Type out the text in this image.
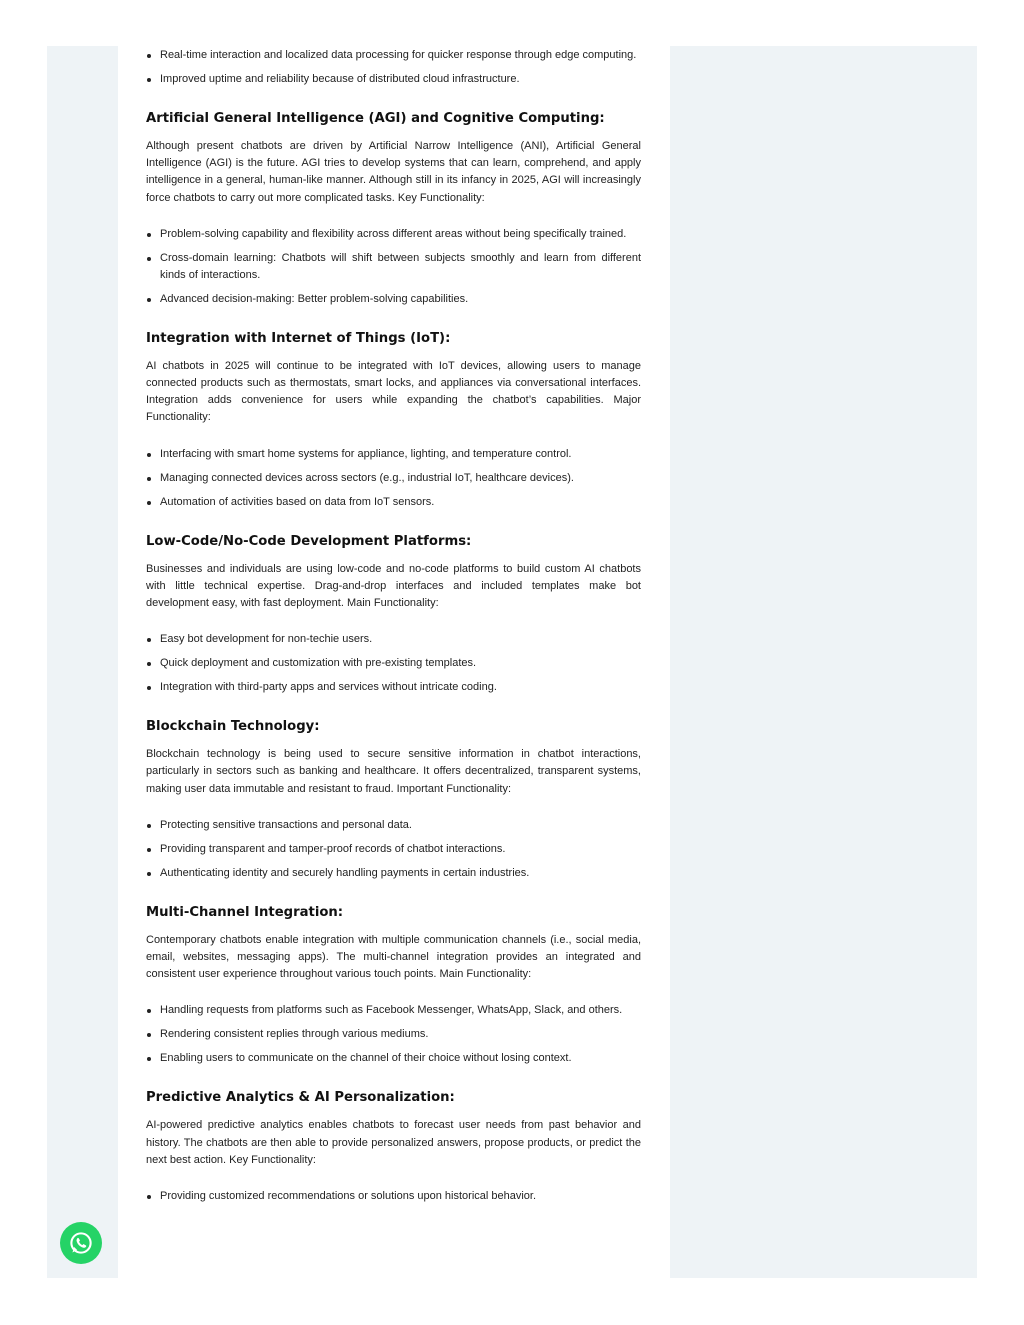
Real-time interaction and localized data processing for quicker response through edge computing.
Improved uptime and reliability because of distributed cloud infrastructure.
Artificial General Intelligence (AGI) and Cognitive Computing:

Although present chatbots are driven by Artificial Narrow Intelligence (ANI), Artificial General Intelligence (AGI) is the future. AGI tries to develop systems that can learn, comprehend, and apply intelligence in a general, human-like manner. Although still in its infancy in 2025, AGI will increasingly force chatbots to carry out more complicated tasks. Key Functionality:

Problem-solving capability and flexibility across different areas without being specifically trained.
Cross-domain learning: Chatbots will shift between subjects smoothly and learn from different kinds of interactions.
Advanced decision-making: Better problem-solving capabilities.
Integration with Internet of Things (IoT):

AI chatbots in 2025 will continue to be integrated with IoT devices, allowing users to manage connected products such as thermostats, smart locks, and appliances via conversational interfaces. Integration adds convenience for users while expanding the chatbot’s capabilities. Major Functionality:

Interfacing with smart home systems for appliance, lighting, and temperature control.
Managing connected devices across sectors (e.g., industrial IoT, healthcare devices).
Automation of activities based on data from IoT sensors.
Low-Code/No-Code Development Platforms:

Businesses and individuals are using low-code and no-code platforms to build custom AI chatbots with little technical expertise. Drag-and-drop interfaces and included templates make bot development easy, with fast deployment. Main Functionality:

Easy bot development for non-techie users.
Quick deployment and customization with pre-existing templates.
Integration with third-party apps and services without intricate coding.
Blockchain Technology:

Blockchain technology is being used to secure sensitive information in chatbot interactions, particularly in sectors such as banking and healthcare. It offers decentralized, transparent systems, making user data immutable and resistant to fraud. Important Functionality:

Protecting sensitive transactions and personal data.
Providing transparent and tamper-proof records of chatbot interactions.
Authenticating identity and securely handling payments in certain industries.
Multi-Channel Integration:

Contemporary chatbots enable integration with multiple communication channels (i.e., social media, email, websites, messaging apps). The multi-channel integration provides an integrated and consistent user experience throughout various touch points. Main Functionality:

Handling requests from platforms such as Facebook Messenger, WhatsApp, Slack, and others.
Rendering consistent replies through various mediums.
Enabling users to communicate on the channel of their choice without losing context.
Predictive Analytics & AI Personalization:

AI-powered predictive analytics enables chatbots to forecast user needs from past behavior and history. The chatbots are then able to provide personalized answers, propose products, or predict the next best action. Key Functionality:

Providing customized recommendations or solutions upon historical behavior.
